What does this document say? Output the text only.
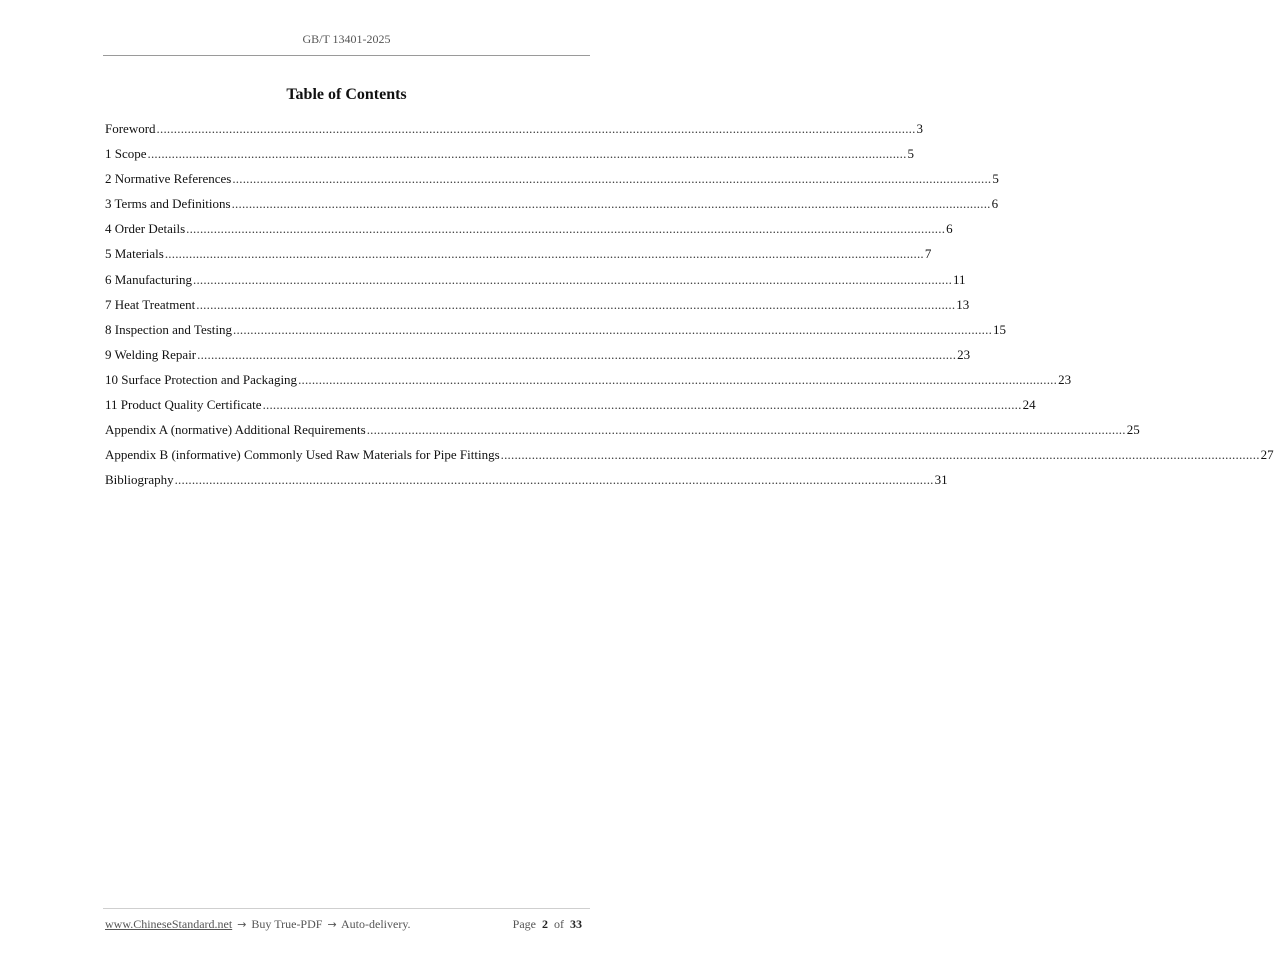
GB/T 13401-2025
Table of Contents
Foreword ............................................................................................................................................................................................................................ 3
1 Scope ............................................................................................................................................................................................................................ 5
2 Normative References ............................................................................................................................................................................................................................ 5
3 Terms and Definitions ............................................................................................................................................................................................................................ 6
4 Order Details ............................................................................................................................................................................................................................ 6
5 Materials ............................................................................................................................................................................................................................ 7
6 Manufacturing ............................................................................................................................................................................................................................ 11
7 Heat Treatment ............................................................................................................................................................................................................................ 13
8 Inspection and Testing ............................................................................................................................................................................................................................ 15
9 Welding Repair ............................................................................................................................................................................................................................ 23
10 Surface Protection and Packaging ............................................................................................................................................................................................................................ 23
11 Product Quality Certificate ............................................................................................................................................................................................................................ 24
Appendix A (normative) Additional Requirements ............................................................................................................................................................................................................................ 25
Appendix B (informative) Commonly Used Raw Materials for Pipe Fittings ............................................................................................................................................................................................................................ 27
Bibliography ............................................................................................................................................................................................................................ 31
www.ChineseStandard.net → Buy True-PDF → Auto-delivery.	Page 2 of 33
